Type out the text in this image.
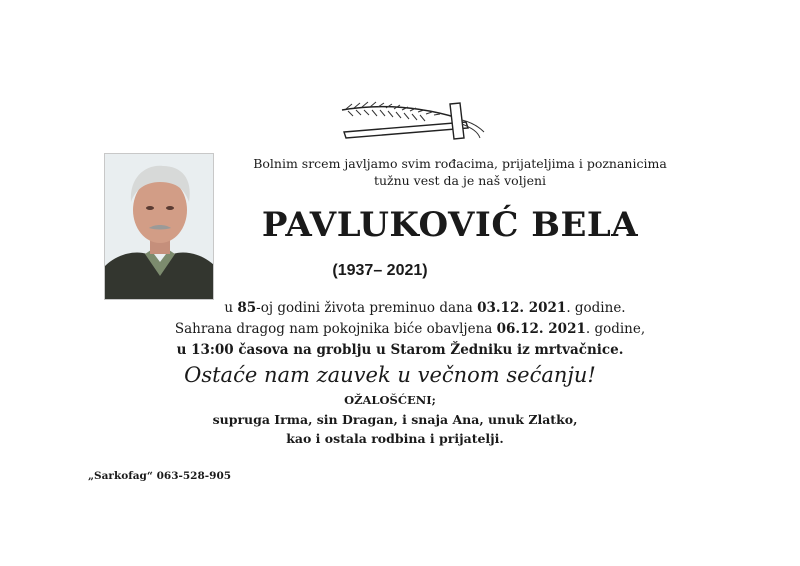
Bolnim srcem javljamo svim rođacima, prijateljima i poznanicima
tužnu vest da je naš voljeni
PAVLUKOVIĆ BELA
(1937– 2021)
u 85-oj godini života preminuo dana 03.12. 2021. godine.
Sahrana dragog nam pokojnika biće obavljena 06.12. 2021. godine,
u 13:00 časova na groblju u Starom Žedniku iz mrtvačnice.
Ostaće nam zauvek u večnom sećanju!
OŽALOŠĆENI;
supruga Irma, sin Dragan, i snaja Ana, unuk Zlatko,
kao i ostala rodbina i prijatelji.
„Sarkofag“ 063-528-905
